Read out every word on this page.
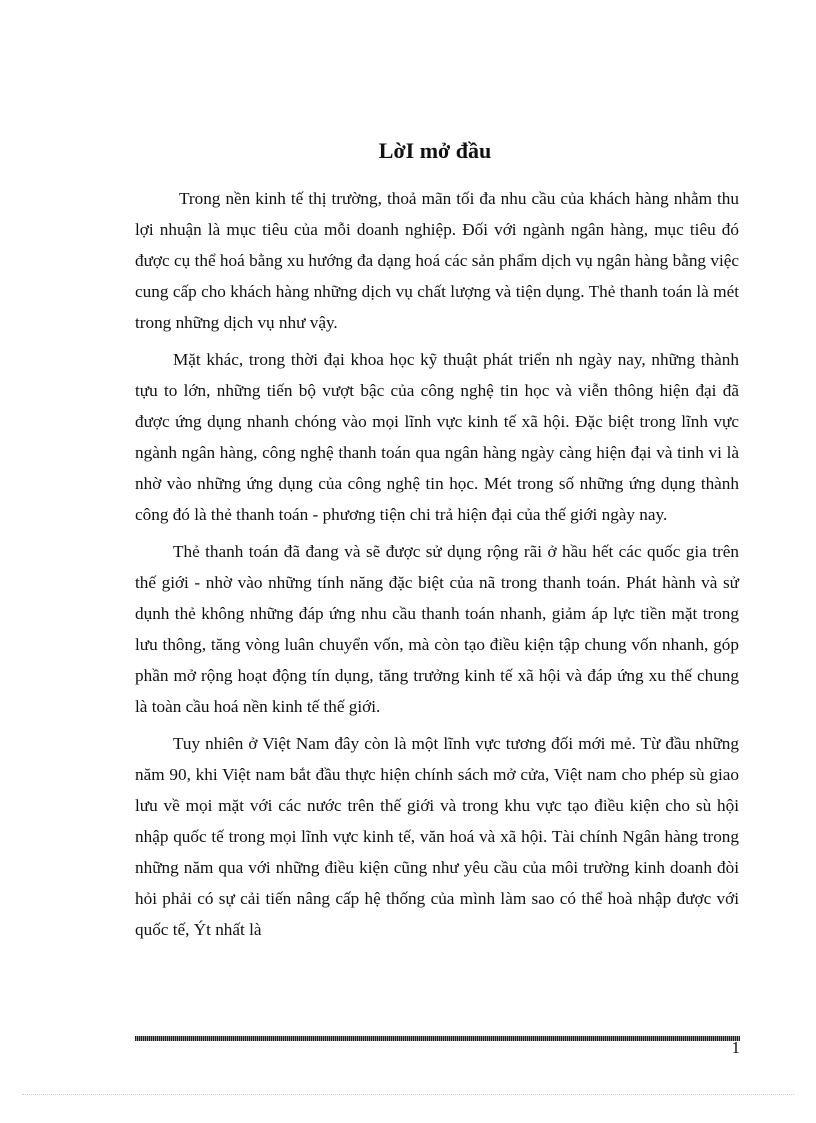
LờI mở đầu

Trong nền kinh tế thị trường, thoả mãn tối đa nhu cầu của khách hàng nhằm thu lợi nhuận là mục tiêu của mỗi doanh nghiệp. Đối với ngành ngân hàng, mục tiêu đó được cụ thể hoá bằng xu hướng đa dạng hoá các sản phẩm dịch vụ ngân hàng bằng việc cung cấp cho khách hàng những dịch vụ chất lượng và tiện dụng. Thẻ thanh toán là mét trong những dịch vụ như vậy.

Mặt khác, trong thời đại khoa học kỹ thuật phát triển nh ngày nay, những thành tựu to lớn, những tiến bộ vượt bậc của công nghệ tin học và viễn thông hiện đại đã được ứng dụng nhanh chóng vào mọi lĩnh vực kinh tế xã hội. Đặc biệt trong lĩnh vực ngành ngân hàng, công nghệ thanh toán qua ngân hàng ngày càng hiện đại và tinh vi là nhờ vào những ứng dụng của công nghệ tin học. Mét trong số những ứng dụng thành công đó là thẻ thanh toán - phương tiện chi trả hiện đại của thế giới ngày nay.

Thẻ thanh toán đã đang và sẽ được sử dụng rộng rãi ở hầu hết các quốc gia trên thế giới - nhờ vào những tính năng đặc biệt của nã trong thanh toán. Phát hành và sử dụnh thẻ không những đáp ứng nhu cầu thanh toán nhanh, giảm áp lực tiền mặt trong lưu thông, tăng vòng luân chuyển vốn, mà còn tạo điều kiện tập chung vốn nhanh, góp phần mở rộng hoạt động tín dụng, tăng trưởng kinh tế xã hội và đáp ứng xu thế chung là toàn cầu hoá nền kinh tế thế giới.

Tuy nhiên ở Việt Nam đây còn là một lĩnh vực tương đối mới mẻ. Từ đầu những năm 90, khi Việt nam bắt đầu thực hiện chính sách mở cửa, Việt nam cho phép sù giao lưu về mọi mặt với các nước trên thế giới và trong khu vực tạo điều kiện cho sù hội nhập quốc tế trong mọi lĩnh vực kinh tế, văn hoá và xã hội. Tài chính Ngân hàng trong những năm qua với những điều kiện cũng như yêu cầu của môi trường kinh doanh đòi hỏi phải có sự cải tiến nâng cấp hệ thống của mình làm sao có thể hoà nhập được với quốc tế, Ýt nhất là

1
